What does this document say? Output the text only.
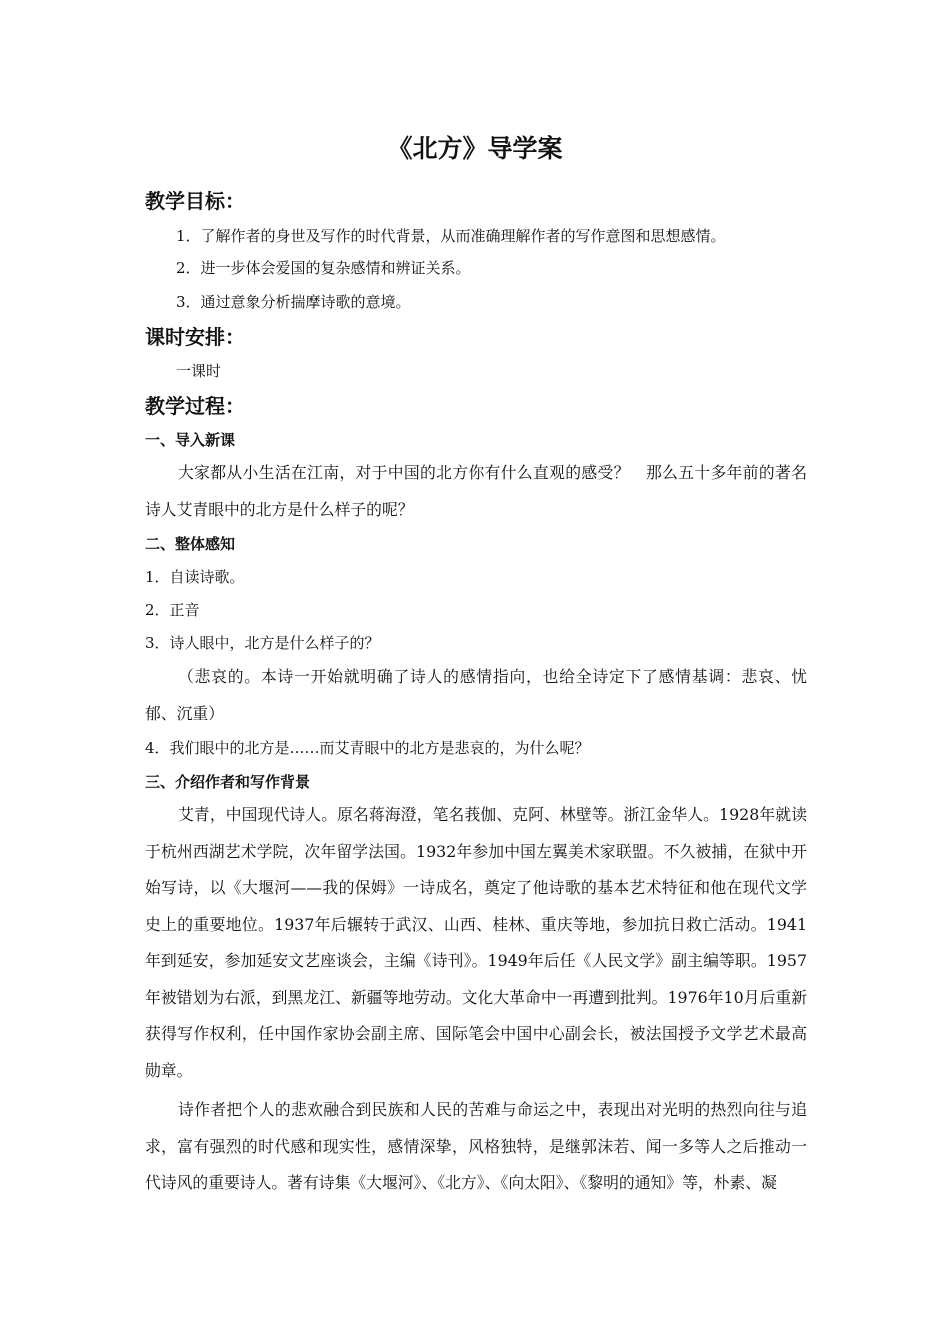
《北方》导学案
教学目标：
1．了解作者的身世及写作的时代背景，从而准确理解作者的写作意图和思想感情。
2．进一步体会爱国的复杂感情和辨证关系。
3．通过意象分析揣摩诗歌的意境。
课时安排：
一课时
教学过程：
一、导入新课

大家都从小生活在江南，对于中国的北方你有什么直观的感受？　那么五十多年前的著名诗人艾青眼中的北方是什么样子的呢？

二、整体感知
1．自读诗歌。
2．正音
3．诗人眼中，北方是什么样子的？

（悲哀的。本诗一开始就明确了诗人的感情指向，也给全诗定下了感情基调：悲哀、忧郁、沉重）

4．我们眼中的北方是……而艾青眼中的北方是悲哀的，为什么呢？
三、介绍作者和写作背景

艾青，中国现代诗人。原名蒋海澄，笔名莪伽、克阿、林壁等。浙江金华人。1928年就读于杭州西湖艺术学院，次年留学法国。1932年参加中国左翼美术家联盟。不久被捕，在狱中开始写诗，以《大堰河——我的保姆》一诗成名，奠定了他诗歌的基本艺术特征和他在现代文学史上的重要地位。1937年后辗转于武汉、山西、桂林、重庆等地，参加抗日救亡活动。1941年到延安，参加延安文艺座谈会，主编《诗刊》。1949年后任《人民文学》副主编等职。1957年被错划为右派，到黑龙江、新疆等地劳动。文化大革命中一再遭到批判。1976年10月后重新获得写作权利，任中国作家协会副主席、国际笔会中国中心副会长，被法国授予文学艺术最高勋章。

诗作者把个人的悲欢融合到民族和人民的苦难与命运之中，表现出对光明的热烈向往与追求，富有强烈的时代感和现实性，感情深挚，风格独特，是继郭沫若、闻一多等人之后推动一代诗风的重要诗人。著有诗集《大堰河》、《北方》、《向太阳》、《黎明的通知》等，朴素、凝
